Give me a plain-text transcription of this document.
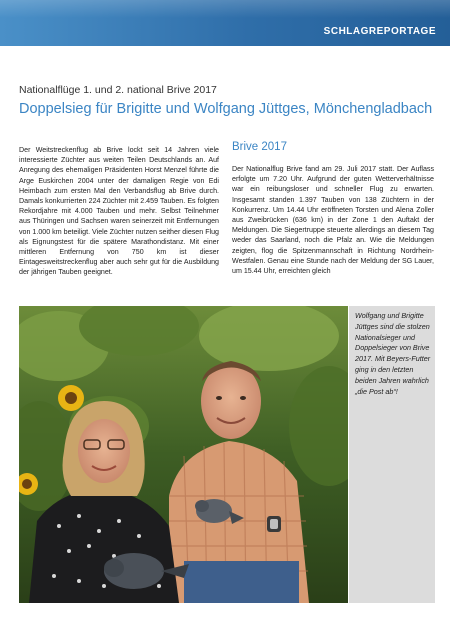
SCHLAGREPORTAGE
Nationalflüge 1. und 2. national Brive 2017
Doppelsieg für Brigitte und Wolfgang Jüttges, Mönchengladbach
Der Weitstreckenflug ab Brive lockt seit 14 Jahren viele interessierte Züchter aus weiten Teilen Deutschlands an. Auf Anregung des ehemaligen Präsidenten Horst Menzel führte die Arge Euskirchen 2004 unter der damaligen Regie von Edi Heimbach zum ersten Mal den Verbandsflug ab Brive durch. Damals konkurrierten 224 Züchter mit 2.459 Tauben. Es folgten Rekordjahre mit 4.000 Tauben und mehr. Selbst Teilnehmer aus Thüringen und Sachsen waren seinerzeit mit Entfernungen von 1.000 km beteiligt. Viele Züchter nutzen seither diesen Flug als Eignungstest für die spätere Marathondistanz. Mit einer mittleren Entfernung von 750 km ist dieser Eintagesweitstreckenflug aber auch sehr gut für die Ausbildung der jährigen Tauben geeignet.
Brive 2017
Der Nationalflug Brive fand am 29. Juli 2017 statt. Der Auflass erfolgte um 7.20 Uhr. Aufgrund der guten Wetterverhältnisse war ein reibungsloser und schneller Flug zu erwarten. Insgesamt standen 1.397 Tauben von 138 Züchtern in der Konkurrenz. Um 14.44 Uhr eröffneten Torsten und Alena Zoller aus Zweibrücken (636 km) in der Zone 1 den Auftakt der Meldungen. Die Siegertruppe steuerte allerdings an diesem Tag weder das Saarland, noch die Pfalz an. Wie die Meldungen zeigten, flog die Spitzenmannschaft in Richtung Nordrhein-Westfalen. Genau eine Stunde nach der Meldung der SG Lauer, um 15.44 Uhr, erreichten gleich
Wolfgang und Brigitte Jüttges sind die stolzen Nationalsieger und Doppelsieger von Brive 2017. Mit Beyers-Futter ging in den letzten beiden Jahren wahrlich „die Post ab“!
